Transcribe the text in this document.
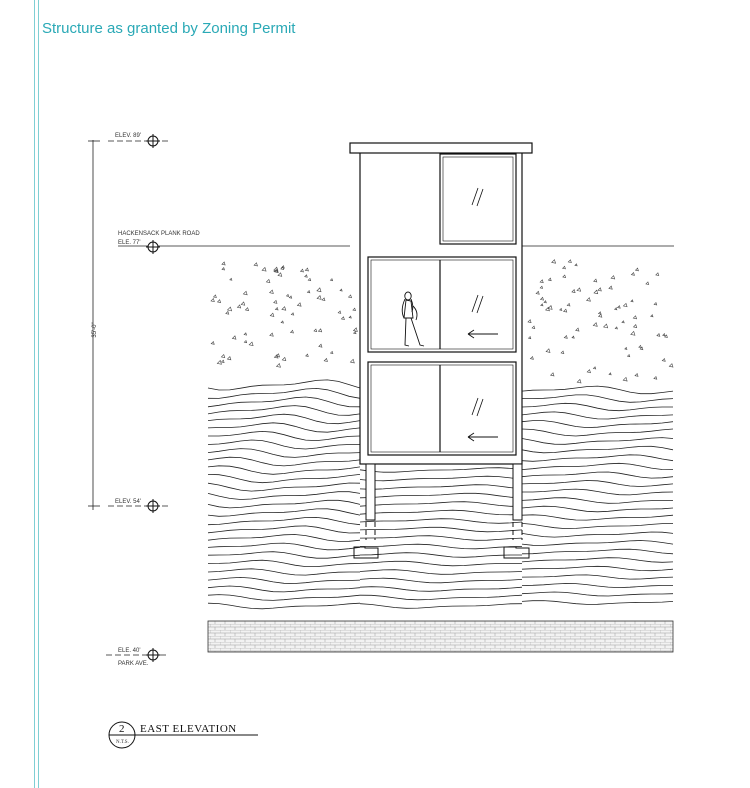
Structure as granted by Zoning Permit
35'-0"
ELEV. 89'
HACKENSACK PLANK ROAD
ELE. 77'
ELEV. 54'
ELE. 40'
PARK AVE.
2 EAST ELEVATION
N.T.S.
